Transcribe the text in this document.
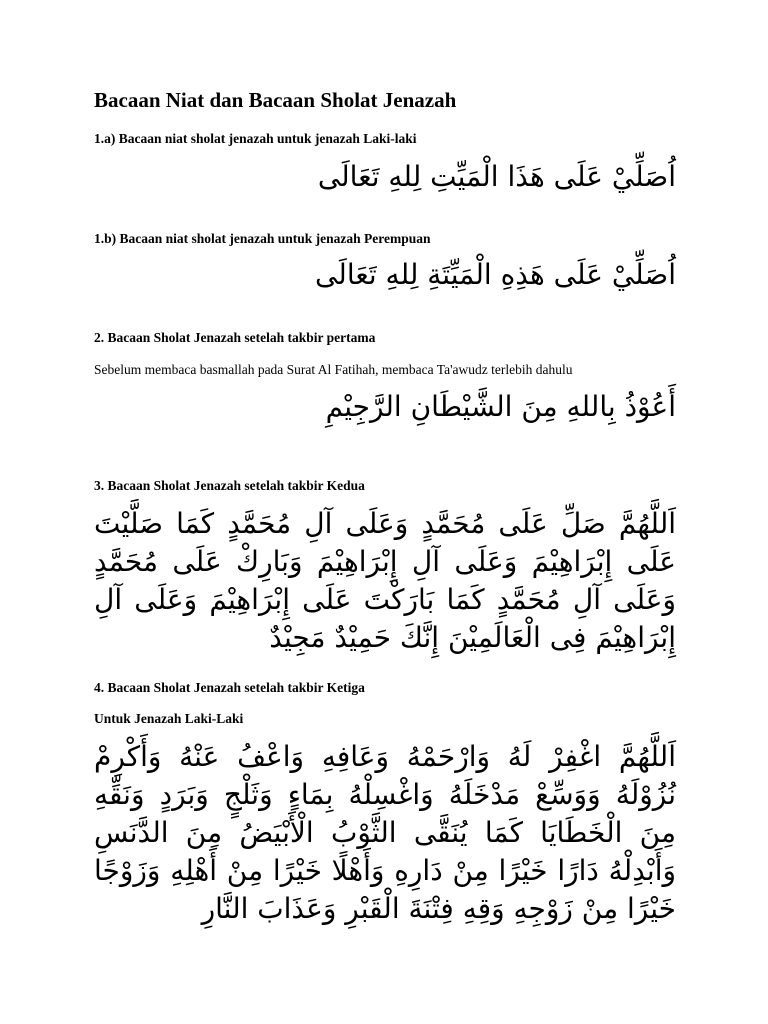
Bacaan Niat dan Bacaan Sholat Jenazah
1.a) Bacaan niat sholat jenazah untuk jenazah Laki-laki
اُصَلِّيْ عَلَى هَذَا الْمَيِّتِ لِلهِ تَعَالَى
1.b) Bacaan niat sholat jenazah untuk jenazah Perempuan
اُصَلِّيْ عَلَى هَذِهِ الْمَيِّتَةِ لِلهِ تَعَالَى
2. Bacaan Sholat Jenazah setelah takbir pertama
Sebelum membaca basmallah pada Surat Al Fatihah, membaca Ta'awudz terlebih dahulu
أَعُوْذُ بِاللهِ مِنَ الشَّيْطَانِ الرَّجِيْمِ
3. Bacaan Sholat Jenazah setelah takbir Kedua
اَللَّهُمَّ صَلِّ عَلَى مُحَمَّدٍ وَعَلَى آلِ مُحَمَّدٍ كَمَا صَلَّيْتَ عَلَى إِبْرَاهِيْمَ وَعَلَى آلِ إِبْرَاهِيْمَ وَبَارِكْ عَلَى مُحَمَّدٍ وَعَلَى آلِ مُحَمَّدٍ كَمَا بَارَكْتَ عَلَى إِبْرَاهِيْمَ وَعَلَى آلِ إِبْرَاهِيْمَ فِى الْعَالَمِيْنَ إِنَّكَ حَمِيْدٌ مَجِيْدٌ
4. Bacaan Sholat Jenazah setelah takbir Ketiga
Untuk Jenazah Laki-Laki
اَللَّهُمَّ اغْفِرْ لَهُ وَارْحَمْهُ وَعَافِهِ وَاعْفُ عَنْهُ وَأَكْرِمْ نُزُوْلَهُ وَوَسِّعْ مَدْخَلَهُ وَاغْسِلْهُ بِمَاءٍ وَثَلْجٍ وَبَرَدٍ وَنَقِّهِ مِنَ الْخَطَايَا كَمَا يُنَقَّى الثَّوْبُ الْأَبْيَضُ مِنَ الدَّنَسِ وَأَبْدِلْهُ دَارًا خَيْرًا مِنْ دَارِهِ وَأَهْلًا خَيْرًا مِنْ أَهْلِهِ وَزَوْجًا خَيْرًا مِنْ زَوْجِهِ وَقِهِ فِتْنَةَ الْقَبْرِ وَعَذَابَ النَّارِ
